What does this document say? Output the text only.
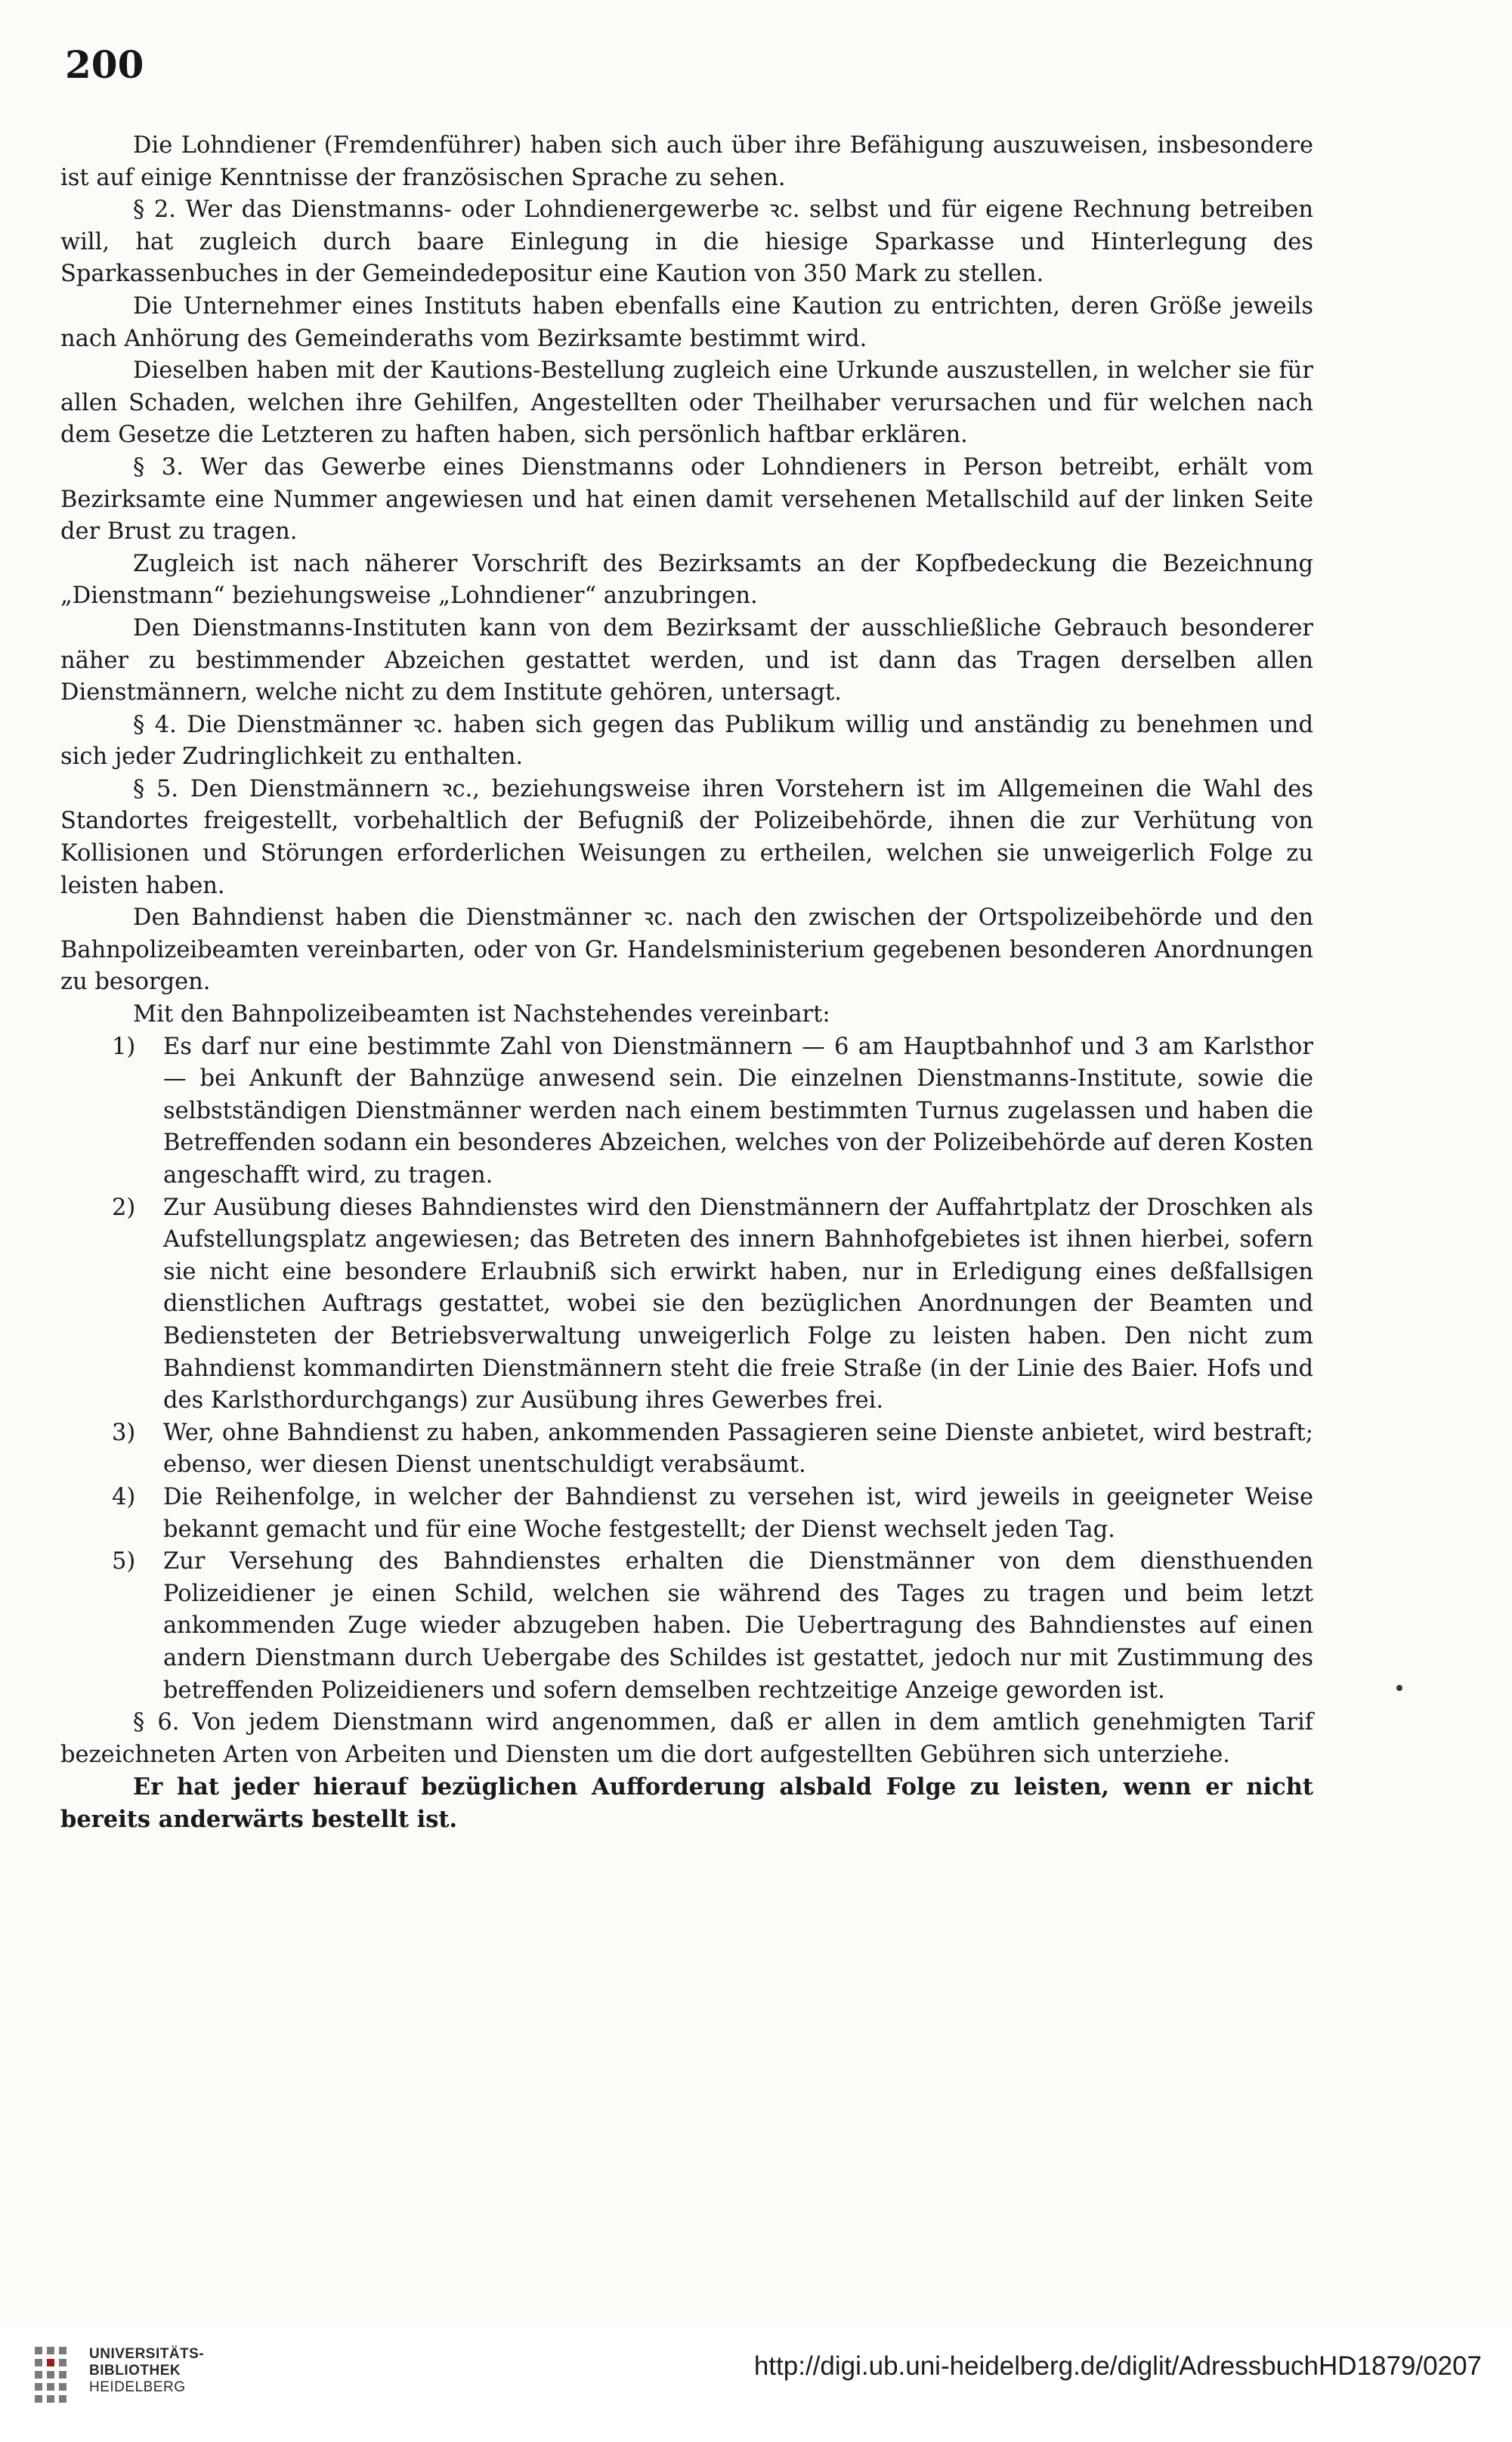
200

Die Lohndiener (Fremdenführer) haben sich auch über ihre Befähigung auszuweisen, insbesondere ist auf einige Kenntnisse der französischen Sprache zu sehen.

§ 2. Wer das Dienstmanns- oder Lohndienergewerbe ꝛc. selbst und für eigene Rechnung betreiben will, hat zugleich durch baare Einlegung in die hiesige Sparkasse und Hinterlegung des Sparkassenbuches in der Gemeindedepositur eine Kaution von 350 Mark zu stellen.

Die Unternehmer eines Instituts haben ebenfalls eine Kaution zu entrichten, deren Größe jeweils nach Anhörung des Gemeinderaths vom Bezirksamte bestimmt wird.

Dieselben haben mit der Kautions-Bestellung zugleich eine Urkunde auszustellen, in welcher sie für allen Schaden, welchen ihre Gehilfen, Angestellten oder Theilhaber verursachen und für welchen nach dem Gesetze die Letzteren zu haften haben, sich persönlich haftbar erklären.

§ 3. Wer das Gewerbe eines Dienstmanns oder Lohndieners in Person betreibt, erhält vom Bezirksamte eine Nummer angewiesen und hat einen damit versehenen Metallschild auf der linken Seite der Brust zu tragen.

Zugleich ist nach näherer Vorschrift des Bezirksamts an der Kopfbedeckung die Bezeichnung „Dienstmann“ beziehungsweise „Lohndiener“ anzubringen.

Den Dienstmanns-Instituten kann von dem Bezirksamt der ausschließliche Gebrauch besonderer näher zu bestimmender Abzeichen gestattet werden, und ist dann das Tragen derselben allen Dienstmännern, welche nicht zu dem Institute gehören, untersagt.

§ 4. Die Dienstmänner ꝛc. haben sich gegen das Publikum willig und anständig zu benehmen und sich jeder Zudringlichkeit zu enthalten.

§ 5. Den Dienstmännern ꝛc., beziehungsweise ihren Vorstehern ist im Allgemeinen die Wahl des Standortes freigestellt, vorbehaltlich der Befugniß der Polizeibehörde, ihnen die zur Verhütung von Kollisionen und Störungen erforderlichen Weisungen zu ertheilen, welchen sie unweigerlich Folge zu leisten haben.

Den Bahndienst haben die Dienstmänner ꝛc. nach den zwischen der Ortspolizeibehörde und den Bahnpolizeibeamten vereinbarten, oder von Gr. Handelsministerium gegebenen besonderen Anordnungen zu besorgen.

Mit den Bahnpolizeibeamten ist Nachstehendes vereinbart:

1) Es darf nur eine bestimmte Zahl von Dienstmännern — 6 am Hauptbahnhof und 3 am Karlsthor — bei Ankunft der Bahnzüge anwesend sein. Die einzelnen Dienstmanns-Institute, sowie die selbstständigen Dienstmänner werden nach einem bestimmten Turnus zugelassen und haben die Betreffenden sodann ein besonderes Abzeichen, welches von der Polizeibehörde auf deren Kosten angeschafft wird, zu tragen.
2) Zur Ausübung dieses Bahndienstes wird den Dienstmännern der Auffahrtplatz der Droschken als Aufstellungsplatz angewiesen; das Betreten des innern Bahnhofgebietes ist ihnen hierbei, sofern sie nicht eine besondere Erlaubniß sich erwirkt haben, nur in Erledigung eines deßfallsigen dienstlichen Auftrags gestattet, wobei sie den bezüglichen Anordnungen der Beamten und Bediensteten der Betriebsverwaltung unweigerlich Folge zu leisten haben. Den nicht zum Bahndienst kommandirten Dienstmännern steht die freie Straße (in der Linie des Baier. Hofs und des Karlsthordurchgangs) zur Ausübung ihres Gewerbes frei.
3) Wer, ohne Bahndienst zu haben, ankommenden Passagieren seine Dienste anbietet, wird bestraft; ebenso, wer diesen Dienst unentschuldigt verabsäumt.
4) Die Reihenfolge, in welcher der Bahndienst zu versehen ist, wird jeweils in geeigneter Weise bekannt gemacht und für eine Woche festgestellt; der Dienst wechselt jeden Tag.
5) Zur Versehung des Bahndienstes erhalten die Dienstmänner von dem diensthuenden Polizeidiener je einen Schild, welchen sie während des Tages zu tragen und beim letzt ankommenden Zuge wieder abzugeben haben. Die Uebertragung des Bahndienstes auf einen andern Dienstmann durch Uebergabe des Schildes ist gestattet, jedoch nur mit Zustimmung des betreffenden Polizeidieners und sofern demselben rechtzeitige Anzeige geworden ist.

§ 6. Von jedem Dienstmann wird angenommen, daß er allen in dem amtlich genehmigten Tarif bezeichneten Arten von Arbeiten und Diensten um die dort aufgestellten Gebühren sich unterziehe.

Er hat jeder hierauf bezüglichen Aufforderung alsbald Folge zu leisten, wenn er nicht bereits anderwärts bestellt ist.

UNIVERSITÄTS-
BIBLIOTHEK
HEIDELBERG
http://digi.ub.uni-heidelberg.de/diglit/AdressbuchHD1879/0207
